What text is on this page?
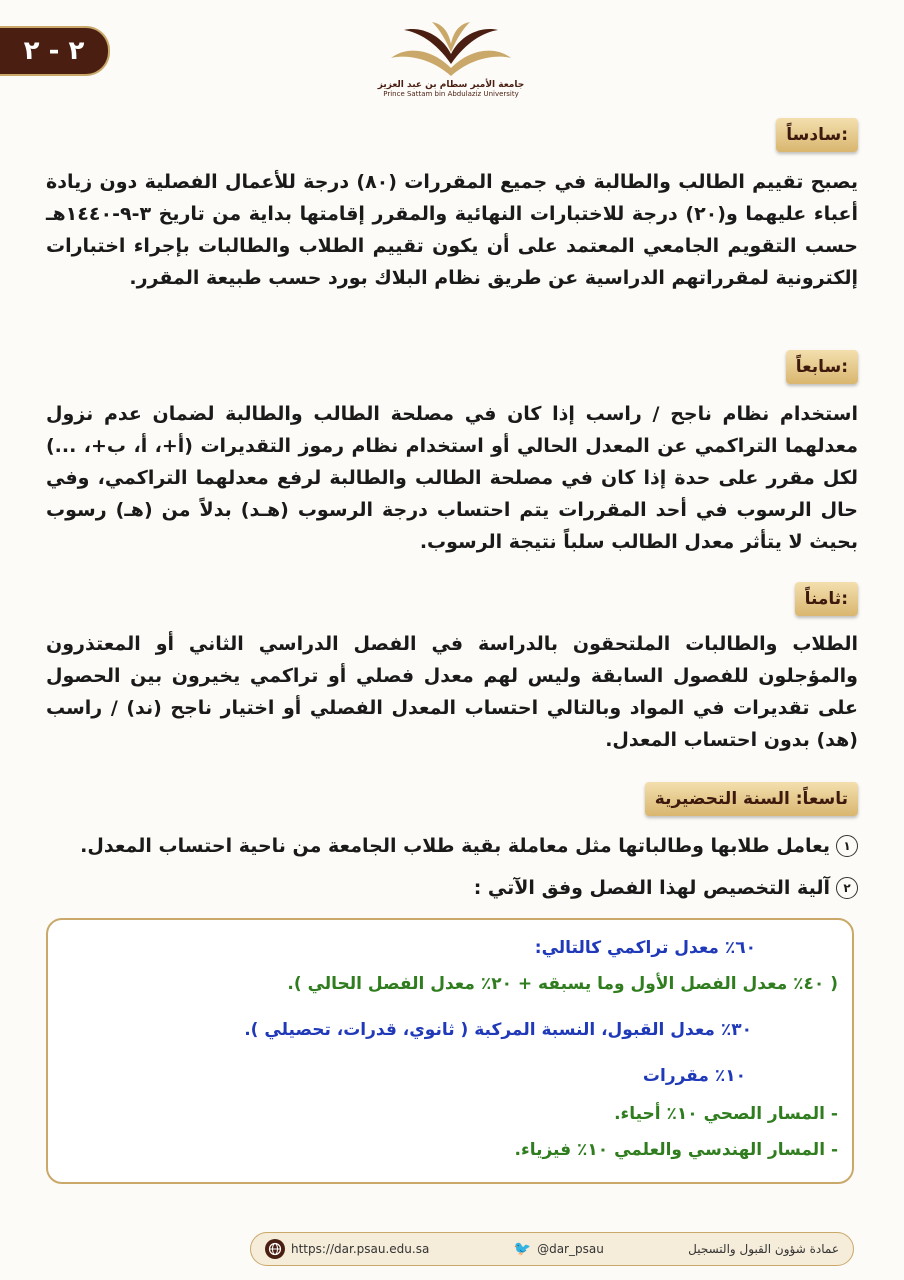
٢ - ٢
جامعة الأمير سطام بن عبد العزيز
Prince Sattam bin Abdulaziz University
سادساً:

يصبح تقييم الطالب والطالبة في جميع المقررات (٨٠) درجة للأعمال الفصلية دون زيادة أعباء عليهما و(٢٠) درجة للاختبارات النهائية والمقرر إقامتها بداية من تاريخ ٣-٩-١٤٤٠هـ حسب التقويم الجامعي المعتمد على أن يكون تقييم الطلاب والطالبات بإجراء اختبارات إلكترونية لمقرراتهم الدراسية عن طريق نظام البلاك بورد حسب طبيعة المقرر.

سابعاً:

استخدام نظام ناجح / راسب إذا كان في مصلحة الطالب والطالبة لضمان عدم نزول معدلهما التراكمي عن المعدل الحالي أو استخدام نظام رموز التقديرات (أ+، أ، ب+، ...) لكل مقرر على حدة إذا كان في مصلحة الطالب والطالبة لرفع معدلهما التراكمي، وفي حال الرسوب في أحد المقررات يتم احتساب درجة الرسوب (هـد) بدلاً من (هـ) رسوب بحيث لا يتأثر معدل الطالب سلباً نتيجة الرسوب.

ثامناً:

الطلاب والطالبات الملتحقون بالدراسة في الفصل الدراسي الثاني أو المعتذرون والمؤجلون للفصول السابقة وليس لهم معدل فصلي أو تراكمي يخيرون بين الحصول على تقديرات في المواد وبالتالي احتساب المعدل الفصلي أو اختيار ناجح (ند) / راسب (هد) بدون احتساب المعدل.

تاسعاً: السنة التحضيرية
١
يعامل طلابها وطالباتها مثل معاملة بقية طلاب الجامعة من ناحية احتساب المعدل.
٢
آلية التخصيص لهذا الفصل وفق الآتي :
٦٠٪ معدل تراكمي كالتالي:
( ٤٠٪ معدل الفصل الأول وما يسبقه + ٢٠٪ معدل الفصل الحالي ).
٣٠٪ معدل القبول، النسبة المركبة ( ثانوي، قدرات، تحصيلي ).
١٠٪ مقررات
- المسار الصحي ١٠٪ أحياء.
- المسار الهندسي والعلمي ١٠٪ فيزياء.
https://dar.psau.edu.sa	🐦 @dar_psau	عمادة شؤون القبول والتسجيل
